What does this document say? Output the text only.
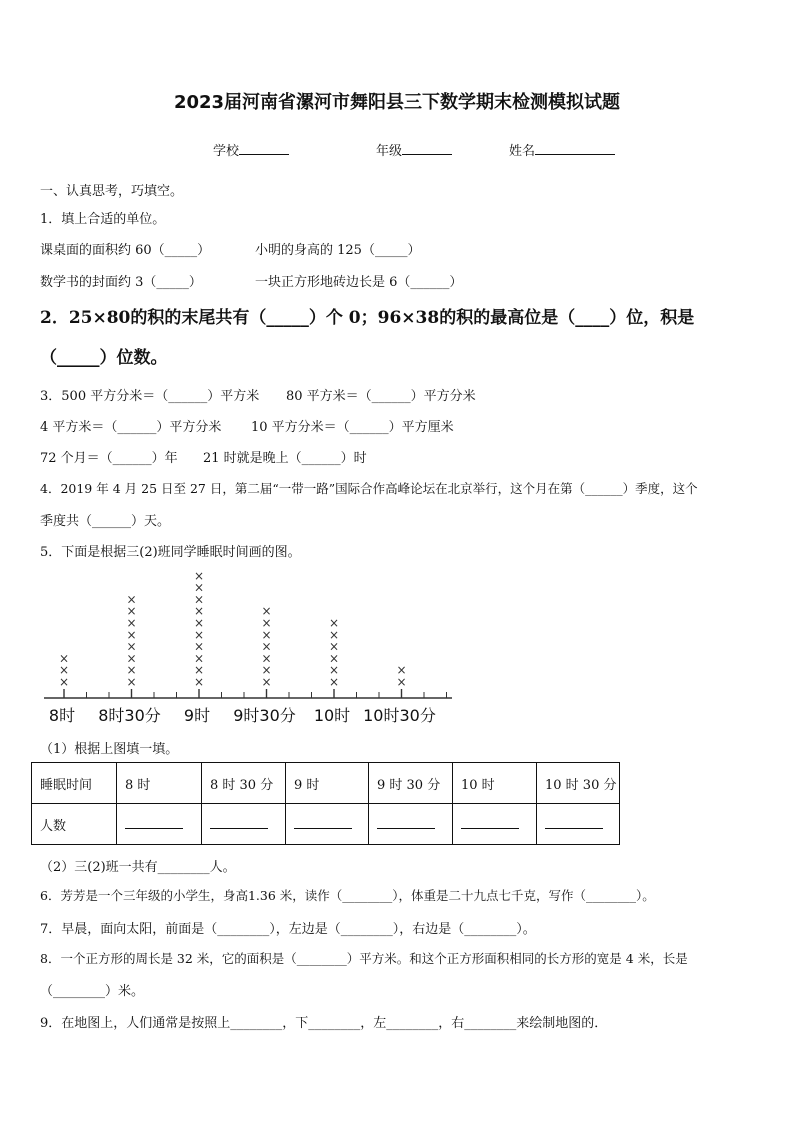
2023届河南省漯河市舞阳县三下数学期末检测模拟试题
学校	年级	姓名
一、认真思考，巧填空。
1．填上合适的单位。
课桌面的面积约 60（_____）	小明的身高的 125（_____）
数学书的封面约 3（_____）	一块正方形地砖边长是 6（______）
2．25×80的积的末尾共有（_____）个 0；96×38的积的最高位是（____）位，积是
（_____）位数。
3．500 平方分米＝（______）平方米 80 平方米＝（______）平方分米
4 平方米＝（______）平方分米 10 平方分米＝（______）平方厘米
72 个月＝（______）年 21 时就是晚上（______）时
4．2019 年 4 月 25 日至 27 日，第二届“一带一路”国际合作高峰论坛在北京举行，这个月在第（______）季度，这个
季度共（______）天。
5．下面是根据三(2)班同学睡眠时间画的图。
×
×
×
×
×
×
×
×
×
×
×
×
×
×
×
×
×
×
×
×
×
×
×
×
×
×
×
×
×
×
×
×
×
×
×
×
8时 8时30分 9时 9时30分 10时 10时30分
（1）根据上图填一填。
睡眠时间	8 时	8 时 30 分	9 时	9 时 30 分	10 时	10 时 30 分
人数						
（2）三(2)班一共有________人。
6．芳芳是一个三年级的小学生，身高1.36 米，读作（________），体重是二十九点七千克，写作（________）。
7．早晨，面向太阳，前面是（________），左边是（________），右边是（________）。
8．一个正方形的周长是 32 米，它的面积是（________）平方米。和这个正方形面积相同的长方形的宽是 4 米，长是
（________）米。
9．在地图上，人们通常是按照上________，下________，左________，右________来绘制地图的．
